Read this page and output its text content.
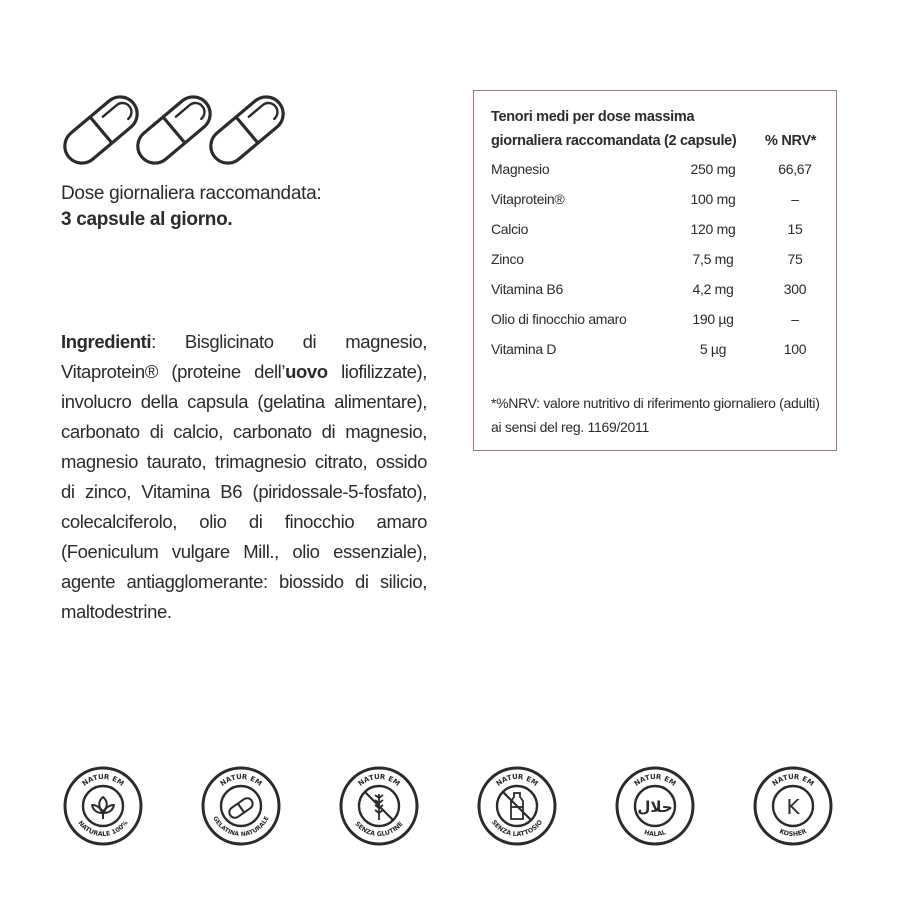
Dose giornaliera raccomandata:
3 capsule al giorno.
Ingredienti: Bisglicinato di magnesio, Vitaprotein® (proteine dell’uovo liofilizzate), involucro della capsula (gelatina alimentare), carbonato di calcio, carbonato di magnesio, magnesio taurato, trimagnesio citrato, ossido di zinco, Vitamina B6 (piridossale-5-fosfato), colecalciferolo, olio di finocchio amaro (Foeniculum vulgare Mill., olio essenziale), agente antiagglomerante: biossido di silicio, maltodestrine.
Tenori medi per dose massima
giornaliera raccomandata (2 capsule) % NRV*
Magnesio	250 mg	66,67
Vitaprotein®	100 mg	–
Calcio	120 mg	15
Zinco	7,5 mg	75
Vitamina B6	4,2 mg	300
Olio di finocchio amaro	190 µg	–
Vitamina D	5 µg	100
*%NRV: valore nutritivo di riferimento giornaliero (adulti) ai sensi del reg. 1169/2011
NATUR EM
NATURALE 100%
NATUR EM
GELATINA NATURALE
NATUR EM
SENZA GLUTINE
NATUR EM
SENZA LATTOSIO
NATUR EM
HALAL
حلال
NATUR EM
KOSHER
K
